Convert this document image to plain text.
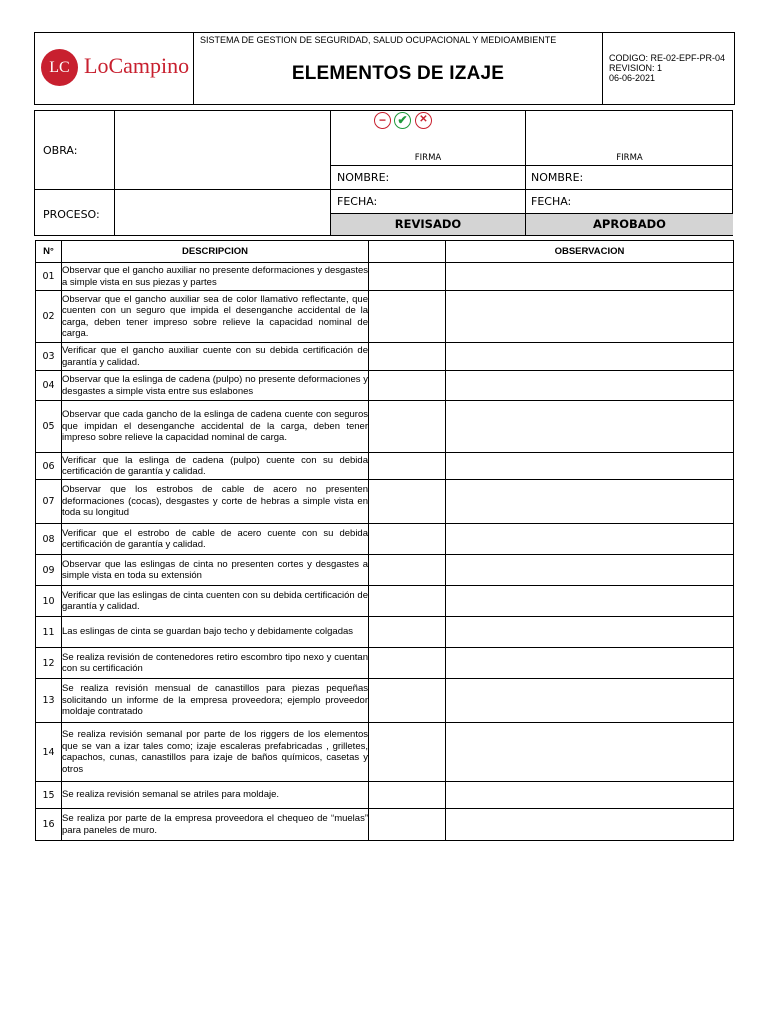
LC LoCampino
SISTEMA DE GESTION DE SEGURIDAD, SALUD OCUPACIONAL Y MEDIOAMBIENTE
ELEMENTOS DE IZAJE
CODIGO: RE-02-EPF-PR-04
REVISION: 1
06-06-2021
OBRA:
PROCESO:
− ✔	✕
FIRMA
NOMBRE:
FECHA:
REVISADO
FIRMA
NOMBRE:
FECHA:
APROBADO
N°	DESCRIPCION		OBSERVACION
01	Observar que el gancho auxiliar no presente deformaciones y desgastes a simple vista en sus piezas y partes		
02	Observar que el gancho auxiliar sea de color llamativo reflectante, que cuenten con un seguro que impida el desenganche accidental de la carga, deben tener impreso sobre relieve la capacidad nominal de carga.		
03	Verificar que el gancho auxiliar cuente con su debida certificación de garantía y calidad.		
04	Observar que la eslinga de cadena (pulpo) no presente deformaciones y desgastes a simple vista entre sus eslabones		
05	Observar que cada gancho de la eslinga de cadena cuente con seguros que impidan el desenganche accidental de la carga, deben tener impreso sobre relieve la capacidad nominal de carga.		
06	Verificar que la eslinga de cadena (pulpo) cuente con su debida certificación de garantía y calidad.		
07	Observar que los estrobos de cable de acero no presenten deformaciones (cocas), desgastes y corte de hebras a simple vista en toda su longitud		
08	Verificar que el estrobo de cable de acero cuente con su debida certificación de garantía y calidad.		
09	Observar que las eslingas de cinta no presenten cortes y desgastes a simple vista en toda su extensión		
10	Verificar que las eslingas de cinta cuenten con su debida certificación de garantía y calidad.		
11	Las eslingas de cinta se guardan bajo techo y debidamente colgadas		
12	Se realiza revisión de contenedores retiro escombro tipo nexo y cuentan con su certificación		
13	Se realiza revisión mensual de canastillos para piezas pequeñas solicitando un informe de la empresa proveedora; ejemplo proveedor moldaje contratado		
14	Se realiza revisión semanal por parte de los riggers de los elementos que se van a izar tales como; izaje escaleras prefabricadas , grilletes, capachos, cunas, canastillos para izaje de baños químicos, casetas y otros		
15	Se realiza revisión semanal se atriles para moldaje.		
16	Se realiza por parte de la empresa proveedora el chequeo de “muelas” para paneles de muro.		
